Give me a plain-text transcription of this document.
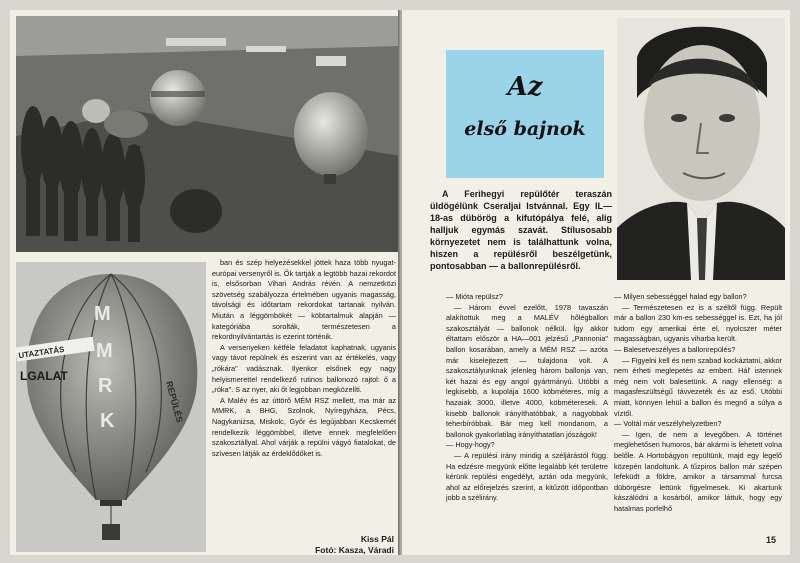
M
M
R
K
UTAZTATÁS
LGALAT
REPÜLÉS

ban és szép helyezésekkel jöttek haza több nyugat-európai versenyről is. Ők tartják a legtöbb hazai rekordot is, elsősorban Vihari András révén. A nemzetközi szövetség szabályozza értelmében ugyanis magasság, távolsági és időtartam rekordokat tartanak nyilván. Miután a léggömbökét — köbtartalmuk alapján — kategóriába sorolták, természetesen a rekordnyilvántartás is ezerint történik.

A versenyeken kétféle feladatot kaphatnak, ugyanis vagy távot repülnek és eszerint van az értékelés, vagy „rókára" vadásznak. Ilyenkor elsőnek egy nagy helyismerettel rendelkező rutinos ballonozó rajtol: ő a „róka". S az nyer, aki őt legjobban megközelíti.

A Malév és az úttörő MÉM RSZ mellett, ma már az MMRK, a BHG, Szolnok, Nyíregyháza, Pécs, Nagykanizsa, Miskolc, Győr és legújabban Kecskemét rendelkezik léggömbbel, illetve ennek megfelelően szakosztállyal. Ahol várják a repülni vágyó fiatalokat, de szívesen látják az érdeklődőket is.

Kiss Pál
Fotó: Kasza, Váradi
Az
első bajnok

A Ferihegyi repülőtér teraszán üldögélünk Cseraljai Istvánnal. Egy IL—18-as dübörög a kifutópálya felé, alig halljuk egymás szavát. Stílusosabb környezetet nem is találhattunk volna, hiszen a repülésről beszélgetünk, pontosabban — a ballonrepülésről.

— Mióta repülsz?

— Három évvel ezelőtt, 1978 tavaszán alakítottuk meg a MALÉV hőlégballon szakosztályát — ballonok nélkül. Így akkor éltattam először a HA—001 jelzésű „Pannonia" ballon kosarában, amely a MÉM RSZ — azóta már kiselejtezett — tulajdona volt. A szakosztályunknak jelenleg három ballonja van, két hazai és egy angol gyártmányú. Utóbbi a legkisebb, a kupolája 1600 köbméteres, míg a hazaiak 3000, illetve 4000, köbméteresek. A kisebb ballonok irányíthatóbbak, a nagyobbak teherbíróbbak. Bár meg kell mondanom, a ballonok gyakorlatilag irányíthatatlan jószágok!

— Hogy-hogy?

— A repülési irány mindig a széljárástól függ. Ha edzésre megyünk előtte legalább két területre kérünk repülési engedélyt, aztán oda megyünk, ahol az előrejelzés szerint, a kitűzött időpontban jobb a széliránу.

— Milyen sebességgel halad egy ballon?

— Természetesen ez is a széltől függ. Repült már a ballon 230 km-es sebességgel is. Ezt, ha jól tudom egy amerikai érte el, nyolcszer méter magasságban, ugyanis viharba került.

— Balesetveszélyes a ballonrepülés?

— Figyelni kell és nem szabad kockáztatni, akkor nem érheti meglepetés az embert. Hál' istennek még nem volt balesetünk. A nagy ellenség: a magasfeszültségű távvezeték és az eső. Utóbbi miatt, könnyen lehül a ballon és megnő a súlya a víztől.

— Voltál már veszélyhelyzetben?

— Igen, de nem a levegőben. A történet meglehetősen humoros, bár akármi is lehetett volna belőle. A Hortobágyon repültünk, majd egy legelő közepén landoltunk. A tűzpiros ballon már szépen lefeküdt a földre, amikor a társammal furcsa dübörgésre lettünk figyelmesek. Ki akartunk kászálódni a kosárból, amikor láttuk, hogy egy hatalmas porfelhő

15
